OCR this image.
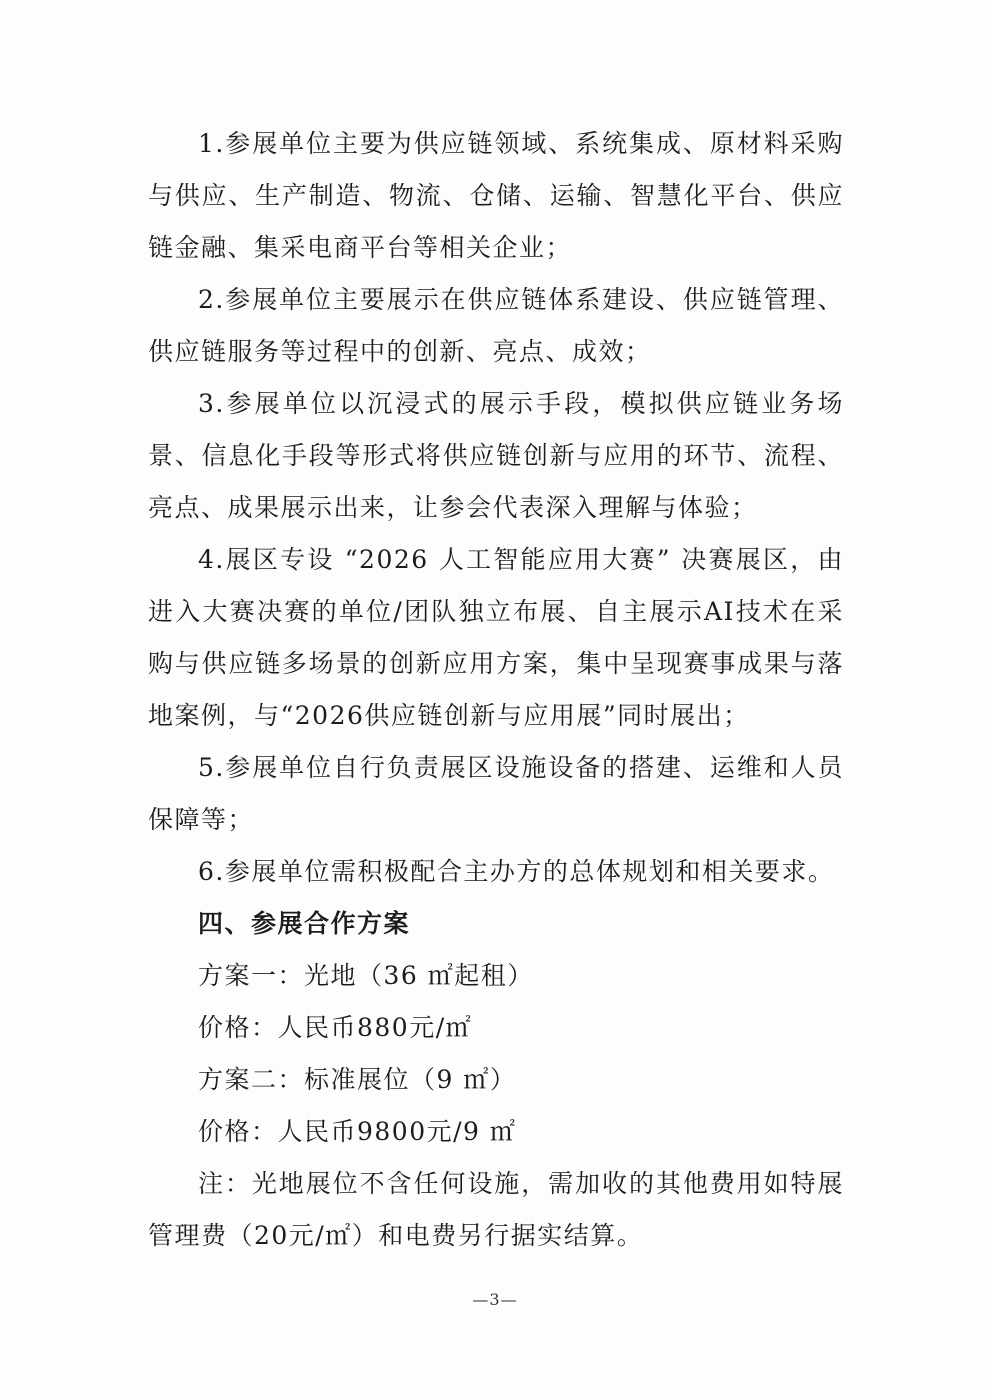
1.参展单位主要为供应链领域、系统集成、原材料采购与供应、生产制造、物流、仓储、运输、智慧化平台、供应链金融、集采电商平台等相关企业；

2.参展单位主要展示在供应链体系建设、供应链管理、供应链服务等过程中的创新、亮点、成效；

3.参展单位以沉浸式的展示手段，模拟供应链业务场景、信息化手段等形式将供应链创新与应用的环节、流程、亮点、成果展示出来，让参会代表深入理解与体验；

4.展区专设 “2026 人工智能应用大赛” 决赛展区，由进入大赛决赛的单位/团队独立布展、自主展示AI技术在采购与供应链多场景的创新应用方案，集中呈现赛事成果与落地案例，与“2026供应链创新与应用展”同时展出；

5.参展单位自行负责展区设施设备的搭建、运维和人员保障等；

6.参展单位需积极配合主办方的总体规划和相关要求。

四、参展合作方案

方案一：光地（36 ㎡起租）

价格：人民币880元/㎡

方案二：标准展位（9 ㎡）

价格：人民币9800元/9 ㎡

注：光地展位不含任何设施，需加收的其他费用如特展管理费（20元/㎡）和电费另行据实结算。

—3—
